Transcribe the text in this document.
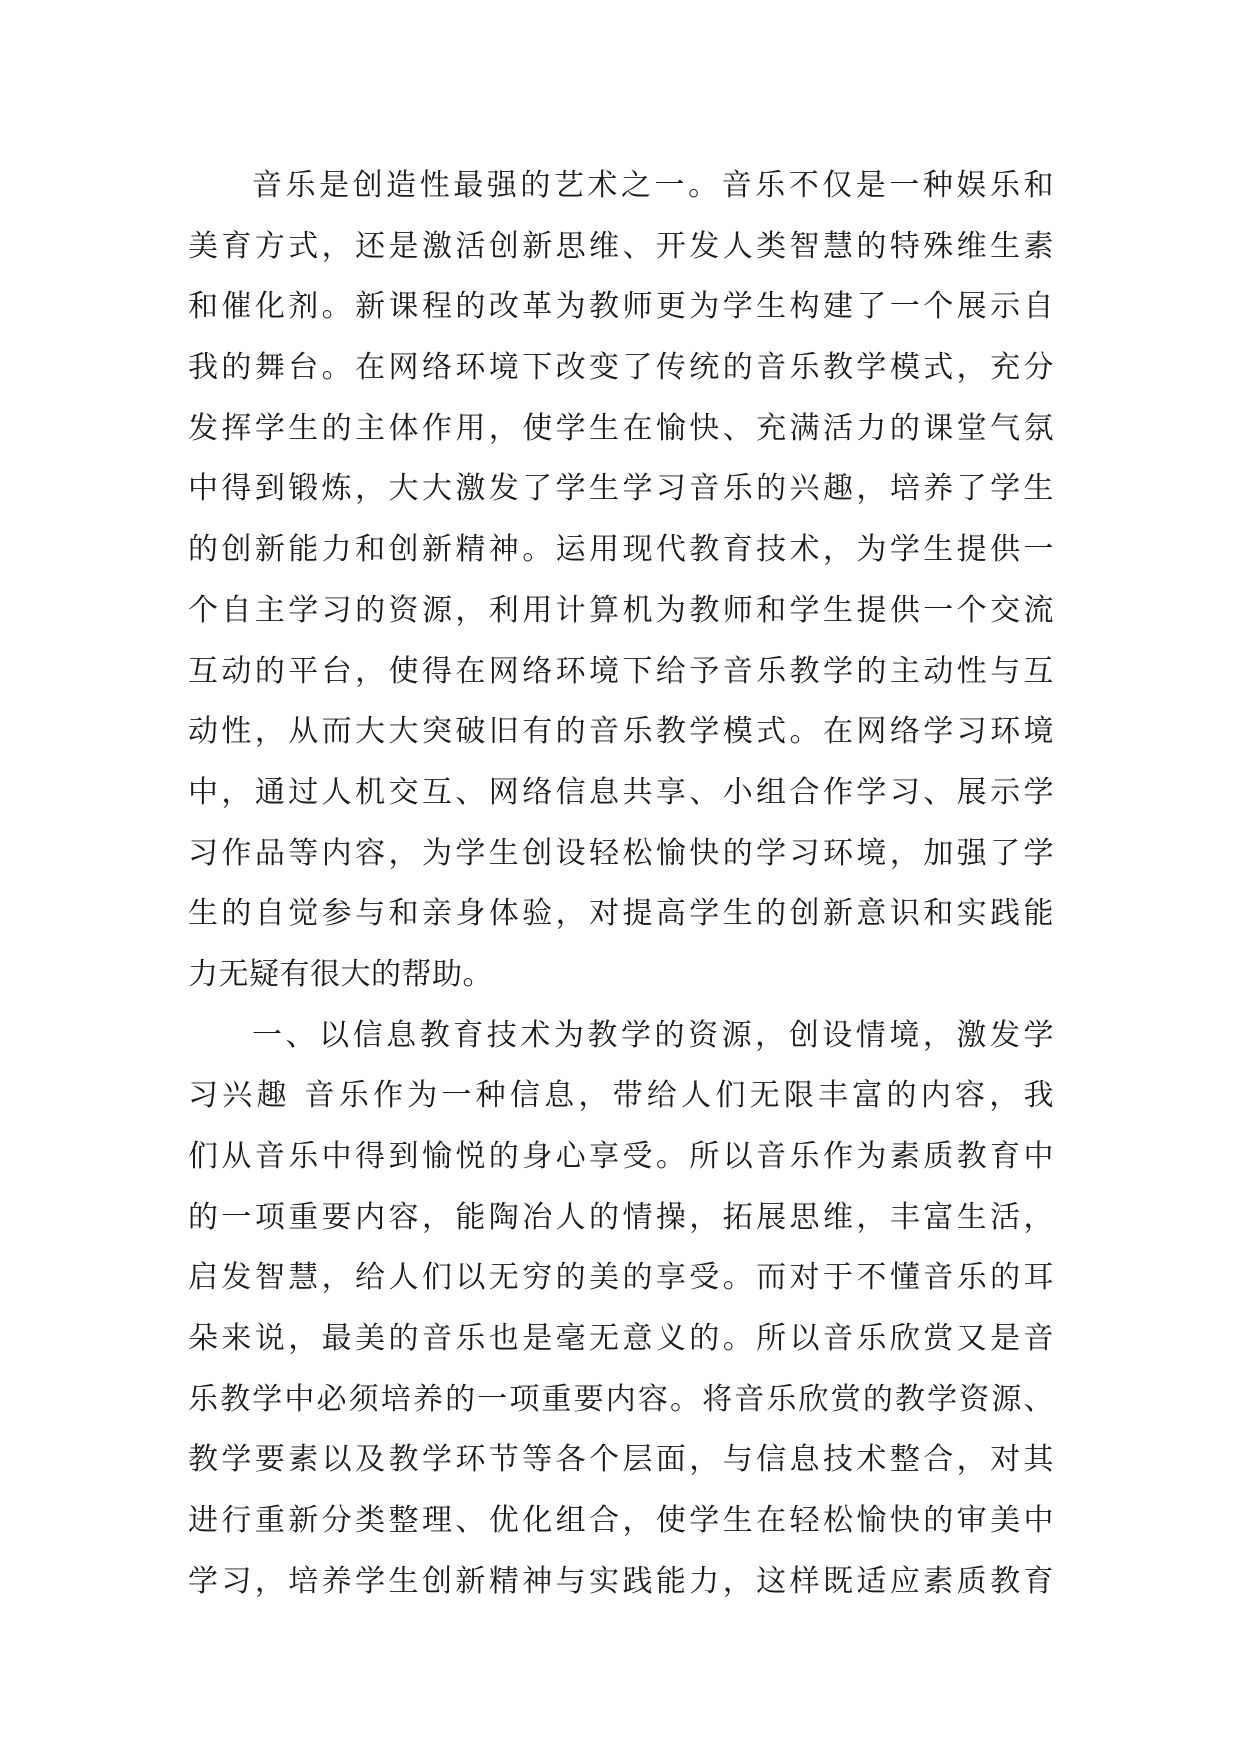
音乐是创造性最强的艺术之一。音乐不仅是一种娱乐和
美育方式，还是激活创新思维、开发人类智慧的特殊维生素
和催化剂。新课程的改革为教师更为学生构建了一个展示自
我的舞台。在网络环境下改变了传统的音乐教学模式，充分
发挥学生的主体作用，使学生在愉快、充满活力的课堂气氛
中得到锻炼，大大激发了学生学习音乐的兴趣，培养了学生
的创新能力和创新精神。运用现代教育技术，为学生提供一
个自主学习的资源，利用计算机为教师和学生提供一个交流
互动的平台，使得在网络环境下给予音乐教学的主动性与互
动性，从而大大突破旧有的音乐教学模式。在网络学习环境
中，通过人机交互、网络信息共享、小组合作学习、展示学
习作品等内容，为学生创设轻松愉快的学习环境，加强了学
生的自觉参与和亲身体验，对提高学生的创新意识和实践能
力无疑有很大的帮助。
一、以信息教育技术为教学的资源，创设情境，激发学
习兴趣 音乐作为一种信息，带给人们无限丰富的内容，我
们从音乐中得到愉悦的身心享受。所以音乐作为素质教育中
的一项重要内容，能陶冶人的情操，拓展思维，丰富生活，
启发智慧，给人们以无穷的美的享受。而对于不懂音乐的耳
朵来说，最美的音乐也是毫无意义的。所以音乐欣赏又是音
乐教学中必须培养的一项重要内容。将音乐欣赏的教学资源、
教学要素以及教学环节等各个层面，与信息技术整合，对其
进行重新分类整理、优化组合，使学生在轻松愉快的审美中
学习，培养学生创新精神与实践能力，这样既适应素质教育
